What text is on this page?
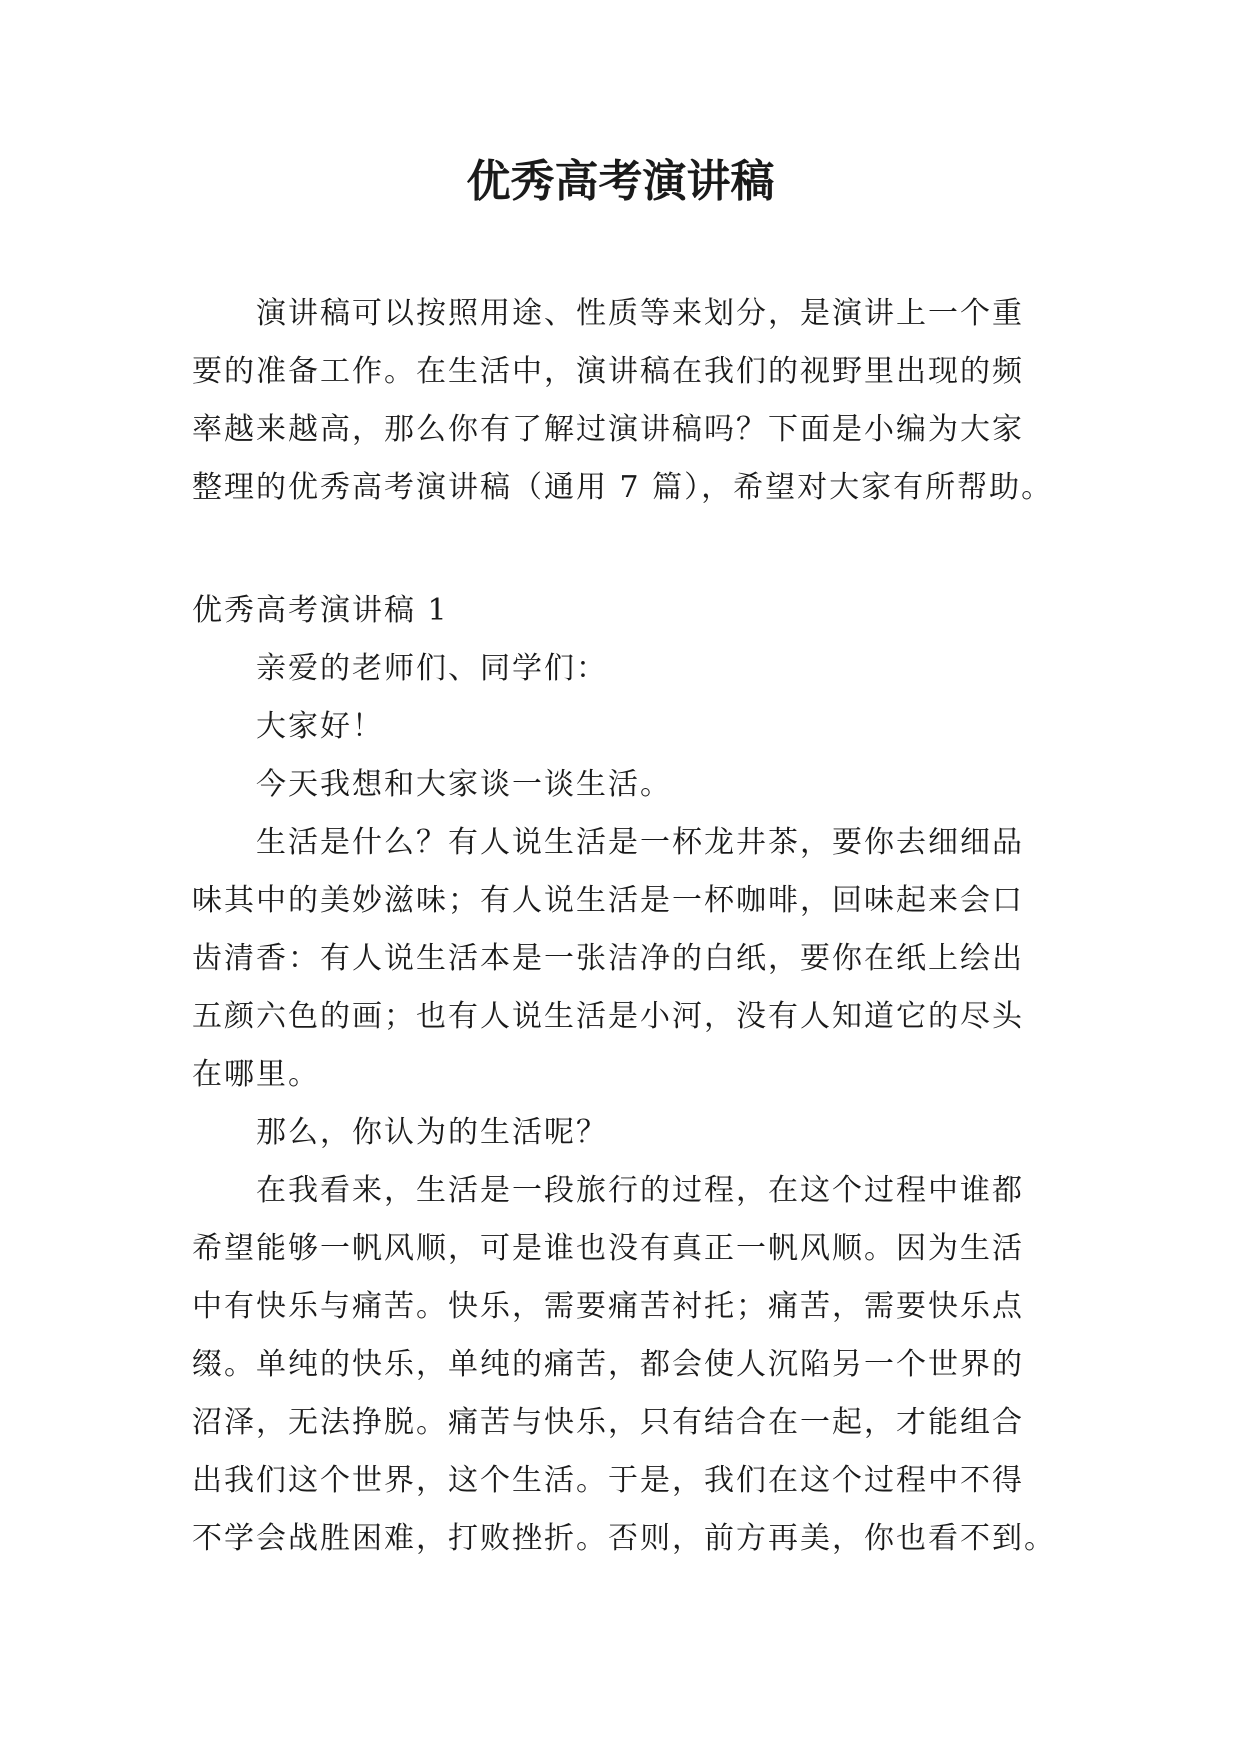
优秀高考演讲稿
演讲稿可以按照用途、性质等来划分，是演讲上一个重
要的准备工作。在生活中，演讲稿在我们的视野里出现的频
率越来越高，那么你有了解过演讲稿吗？下面是小编为大家
整理的优秀高考演讲稿（通用 7 篇），希望对大家有所帮助。
优秀高考演讲稿 1
亲爱的老师们、同学们：
大家好！
今天我想和大家谈一谈生活。
生活是什么？有人说生活是一杯龙井茶，要你去细细品
味其中的美妙滋味；有人说生活是一杯咖啡，回味起来会口
齿清香：有人说生活本是一张洁净的白纸，要你在纸上绘出
五颜六色的画；也有人说生活是小河，没有人知道它的尽头
在哪里。
那么，你认为的生活呢？
在我看来，生活是一段旅行的过程，在这个过程中谁都
希望能够一帆风顺，可是谁也没有真正一帆风顺。因为生活
中有快乐与痛苦。快乐，需要痛苦衬托；痛苦，需要快乐点
缀。单纯的快乐，单纯的痛苦，都会使人沉陷另一个世界的
沼泽，无法挣脱。痛苦与快乐，只有结合在一起，才能组合
出我们这个世界，这个生活。于是，我们在这个过程中不得
不学会战胜困难，打败挫折。否则，前方再美，你也看不到。
